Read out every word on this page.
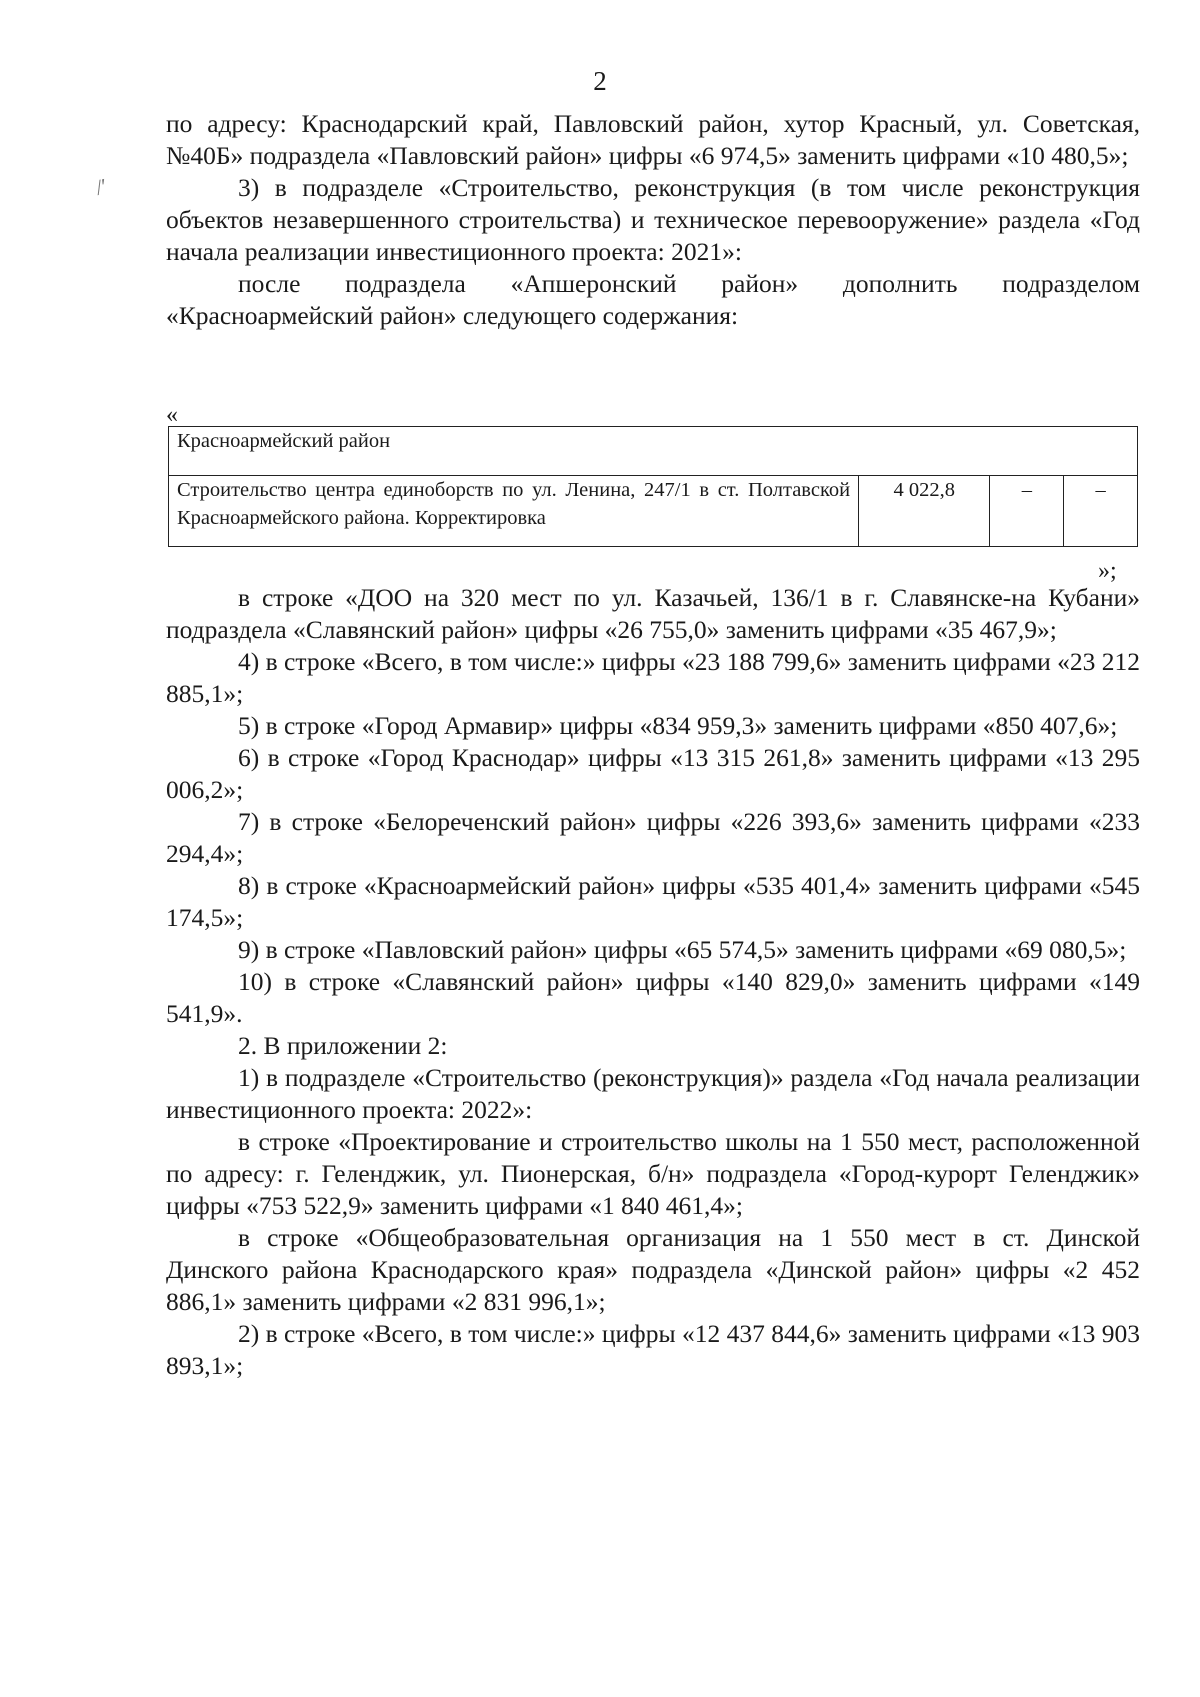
2
/′

по адресу: Краснодарский край, Павловский район, хутор Красный, ул. Советская, №40Б» подраздела «Павловский район» цифры «6 974,5» заменить цифрами «10 480,5»;

3) в подразделе «Строительство, реконструкция (в том числе реконструкция объектов незавершенного строительства) и техническое перевооружение» раздела «Год начала реализации инвестиционного проекта: 2021»:

после подраздела «Апшеронский район» дополнить подразделом «Красноармейский район» следующего содержания:

«
Красноармейский район
Строительство центра единоборств по ул. Ленина, 247/1 в ст. Полтавской Красноармейского района. Корректировка	4 022,8	–	–
»;

в строке «ДОО на 320 мест по ул. Казачьей, 136/1 в г. Славянске-на Кубани» подраздела «Славянский район» цифры «26 755,0» заменить цифрами «35 467,9»;

4) в строке «Всего, в том числе:» цифры «23 188 799,6» заменить цифрами «23 212 885,1»;

5) в строке «Город Армавир» цифры «834 959,3» заменить цифрами «850 407,6»;

6) в строке «Город Краснодар» цифры «13 315 261,8» заменить цифрами «13 295 006,2»;

7) в строке «Белореченский район» цифры «226 393,6» заменить цифрами «233 294,4»;

8) в строке «Красноармейский район» цифры «535 401,4» заменить цифрами «545 174,5»;

9) в строке «Павловский район» цифры «65 574,5» заменить цифрами «69 080,5»;

10) в строке «Славянский район» цифры «140 829,0» заменить цифрами «149 541,9».

2. В приложении 2:

1) в подразделе «Строительство (реконструкция)» раздела «Год начала реализации инвестиционного проекта: 2022»:

в строке «Проектирование и строительство школы на 1 550 мест, расположенной по адресу: г. Геленджик, ул. Пионерская, б/н» подраздела «Город-курорт Геленджик» цифры «753 522,9» заменить цифрами «1 840 461,4»;

в строке «Общеобразовательная организация на 1 550 мест в ст. Динской Динского района Краснодарского края» подраздела «Динской район» цифры «2 452 886,1» заменить цифрами «2 831 996,1»;

2) в строке «Всего, в том числе:» цифры «12 437 844,6» заменить цифрами «13 903 893,1»;
